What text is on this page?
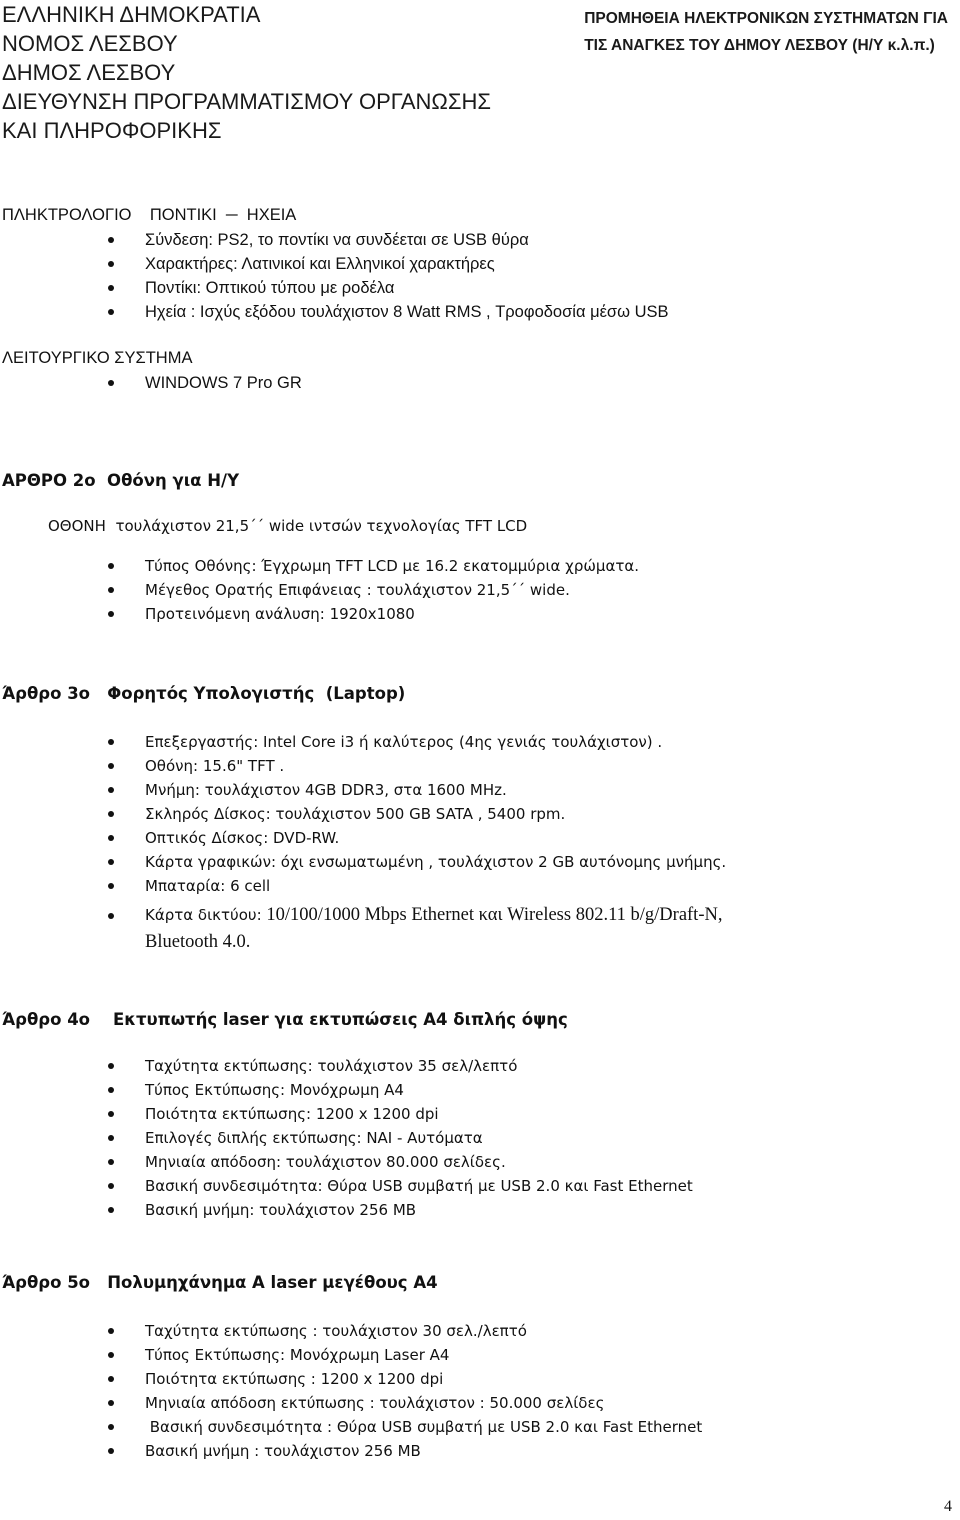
ΕΛΛΗΝΙΚΗ ΔΗΜΟΚΡΑΤΙΑ
ΝΟΜΟΣ ΛΕΣΒΟΥ
ΔΗΜΟΣ ΛΕΣΒΟΥ
ΔΙΕΥΘΥΝΣΗ ΠΡΟΓΡΑΜΜΑΤΙΣΜΟΥ ΟΡΓΑΝΩΣΗΣ
ΚΑΙ ΠΛΗΡΟΦΟΡΙΚΗΣ
ΠΡΟΜΗΘΕΙΑ ΗΛΕΚΤΡΟΝΙΚΩΝ ΣΥΣΤΗΜΑΤΩΝ ΓΙΑ
ΤΙΣ ΑΝΑΓΚΕΣ ΤΟΥ ΔΗΜΟΥ ΛΕΣΒΟΥ (Η/Υ κ.λ.π.)
ΠΛΗΚΤΡΟΛΟΓΙΟ    ΠΟΝΤΙΚΙ  ─  ΗΧΕΙΑ
Σύνδεση: PS2, το ποντίκι να συνδέεται σε USB θύρα
Χαρακτήρες: Λατινικοί και Ελληνικοί χαρακτήρες
Ποντίκι: Οπτικού τύπου με ροδέλα
Ηχεία : Ισχύς εξόδου τουλάχιστον 8 Watt RMS , Τροφοδοσία μέσω USB
ΛΕΙΤΟΥΡΓΙΚΟ ΣΥΣΤΗΜΑ
WINDOWS 7 Pro GR
ΑΡΘΡΟ 2ο  Οθόνη για Η/Υ
ΟΘΟΝΗ  τουλάχιστον 21,5΄΄ wide ιντσών τεχνολογίας TFT LCD
Τύπος Οθόνης: Έγχρωμη TFT LCD με 16.2 εκατομμύρια χρώματα.
Μέγεθος Ορατής Επιφάνειας : τουλάχιστον 21,5΄΄ wide.
Προτεινόμενη ανάλυση: 1920x1080
Άρθρο 3ο   Φορητός Υπολογιστής  (Laptop)
Επεξεργαστής: Intel Core i3 ή καλύτερος (4ης γενιάς τουλάχιστον) .
Οθόνη: 15.6" TFT .
Μνήμη: τουλάχιστον 4GB DDR3, στα 1600 MHz.
Σκληρός Δίσκος: τουλάχιστον 500 GB SATA , 5400 rpm.
Οπτικός Δίσκος: DVD-RW.
Κάρτα γραφικών: όχι ενσωματωμένη , τουλάχιστον 2 GB αυτόνομης μνήμης.
Μπαταρία: 6 cell
Κάρτα δικτύου: 10/100/1000 Mbps Ethernet και Wireless 802.11 b/g/Draft-N,
Bluetooth 4.0.
Άρθρο 4ο    Εκτυπωτής laser για εκτυπώσεις Α4 διπλής όψης
Ταχύτητα εκτύπωσης: τουλάχιστον 35 σελ/λεπτό
Τύπος Εκτύπωσης: Μονόχρωμη Α4
Ποιότητα εκτύπωσης: 1200 x 1200 dpi
Επιλογές διπλής εκτύπωσης: ΝΑΙ - Αυτόματα
Μηνιαία απόδοση: τουλάχιστον 80.000 σελίδες.
Βασική συνδεσιμότητα: Θύρα USB συμβατή με USB 2.0 και Fast Ethernet
Βασική μνήμη: τουλάχιστον 256 MB
Άρθρο 5ο   Πολυμηχάνημα A laser μεγέθους Α4
Ταχύτητα εκτύπωσης : τουλάχιστον 30 σελ./λεπτό
Τύπος Εκτύπωσης: Μονόχρωμη Laser A4
Ποιότητα εκτύπωσης : 1200 x 1200 dpi
Μηνιαία απόδοση εκτύπωσης : τουλάχιστον : 50.000 σελίδες
Βασική συνδεσιμότητα : Θύρα USB συμβατή με USB 2.0 και Fast Ethernet
Βασική μνήμη : τουλάχιστον 256 MB
4
